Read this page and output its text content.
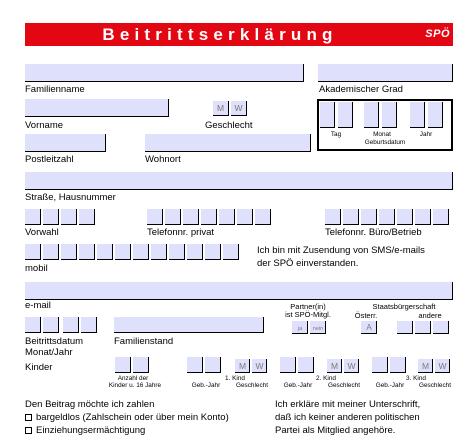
Beitrittserklärung	SPÖ
Familienname	Akademischer Grad
Vorname
M	W
Geschlecht
Tag	Monat	Jahr
Geburtsdatum
Postleitzahl	Wohnort
Straße, Hausnummer
Vorwahl	Telefonnr. privat	Telefonnr. Büro/Betrieb
mobil
Ich bin mit Zusendung von SMS/e-mails
der SPÖ einverstanden.
e-mail
Beitrittsdatum
Monat/Jahr
Familienstand
Partner(in)
ist SPÖ-Mitgl.
ja	nein
Staatsbürgerschaft
Österr.	andere
A
Kinder
Anzahl der
Kinder u. 16 Jahre
M	W
1. Kind
Geb.-Jahr	Geschlecht
M	W
2. Kind
Geb.-Jahr	Geschlecht
M	W
3. Kind
Geb.-Jahr	Geschlecht
Den Beitrag möchte ich zahlen
bargeldlos (Zahlschein oder über mein Konto)
Einziehungsermächtigung
Ich erkläre mit meiner Unterschrift,
daß ich keiner anderen politischen
Partei als Mitglied angehöre.
